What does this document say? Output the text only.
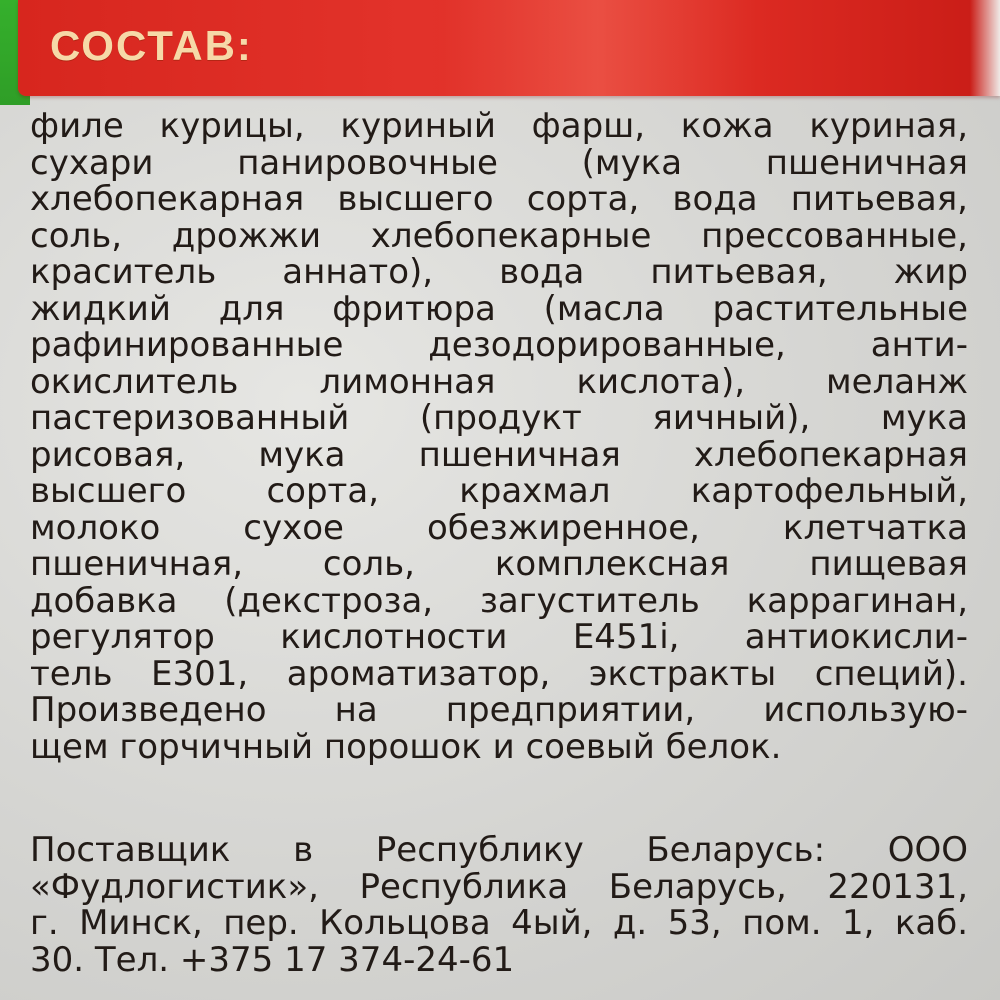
СОСТАВ:
филе курицы, куриный фарш, кожа куриная,
сухари панировочные (мука пшеничная
хлебопекарная высшего сорта, вода питьевая,
соль, дрожжи хлебопекарные прессованные,
краситель аннато), вода питьевая, жир
жидкий для фритюра (масла растительные
рафинированные дезодорированные, анти-
окислитель лимонная кислота), меланж
пастеризованный (продукт яичный), мука
рисовая, мука пшеничная хлебопекарная
высшего сорта, крахмал картофельный,
молоко сухое обезжиренное, клетчатка
пшеничная, соль, комплексная пищевая
добавка (декстроза, загуститель каррагинан,
регулятор кислотности Е451i, антиокисли-
тель Е301, ароматизатор, экстракты специй).
Произведено на предприятии, использую-
щем горчичный порошок и соевый белок.
Поставщик в Республику Беларусь: ООО
«Фудлогистик», Республика Беларусь, 220131,
г. Минск, пер. Кольцова 4ый, д. 53, пом. 1, каб.
30. Тел. +375 17 374-24-61
